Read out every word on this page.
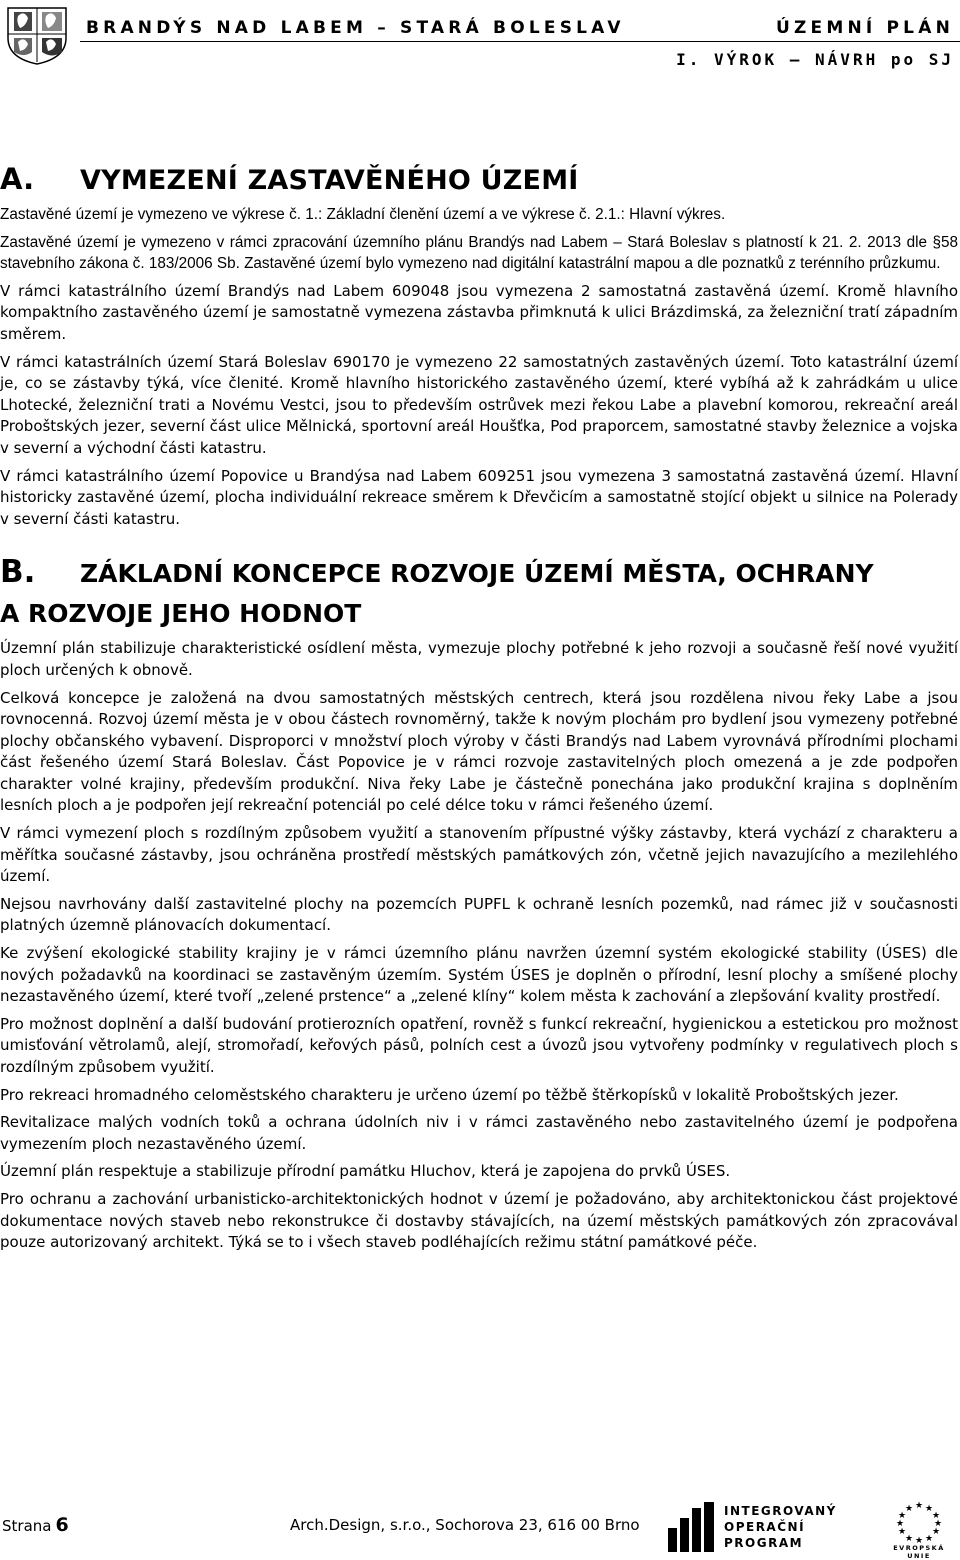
BRANDÝS NAD LABEM – STARÁ BOLESLAV	ÚZEMNÍ PLÁN
I. VÝROK – NÁVRH po SJ
A. VYMEZENÍ ZASTAVĚNÉHO ÚZEMÍ

Zastavěné území je vymezeno ve výkrese č. 1.: Základní členění území a ve výkrese č. 2.1.: Hlavní výkres.

Zastavěné území je vymezeno v rámci zpracování územního plánu Brandýs nad Labem – Stará Boleslav s platností k 21. 2. 2013 dle §58 stavebního zákona č. 183/2006 Sb. Zastavěné území bylo vymezeno nad digitální katastrální mapou a dle poznatků z terénního průzkumu.

V rámci katastrálního území Brandýs nad Labem 609048 jsou vymezena 2 samostatná zastavěná území. Kromě hlavního kompaktního zastavěného území je samostatně vymezena zástavba přimknutá k ulici Brázdimská, za železniční tratí západním směrem.

V rámci katastrálních území Stará Boleslav 690170 je vymezeno 22 samostatných zastavěných území. Toto katastrální území je, co se zástavby týká, více členité. Kromě hlavního historického zastavěného území, které vybíhá až k zahrádkám u ulice Lhotecké, železniční trati a Novému Vestci, jsou to především ostrůvek mezi řekou Labe a plavební komorou, rekreační areál Proboštských jezer, severní část ulice Mělnická, sportovní areál Houšťka, Pod praporcem, samostatné stavby železnice a vojska v severní a východní části katastru.

V rámci katastrálního území Popovice u Brandýsa nad Labem 609251 jsou vymezena 3 samostatná zastavěná území. Hlavní historicky zastavěné území, plocha individuální rekreace směrem k Dřevčicím a samostatně stojící objekt u silnice na Polerady v severní části katastru.

B. ZÁKLADNÍ KONCEPCE ROZVOJE ÚZEMÍ MĚSTA, OCHRANY
A ROZVOJE JEHO HODNOT

Územní plán stabilizuje charakteristické osídlení města, vymezuje plochy potřebné k jeho rozvoji a současně řeší nové využití ploch určených k obnově.

Celková koncepce je založená na dvou samostatných městských centrech, která jsou rozdělena nivou řeky Labe a jsou rovnocenná. Rozvoj území města je v obou částech rovnoměrný, takže k novým plochám pro bydlení jsou vymezeny potřebné plochy občanského vybavení. Disproporci v množství ploch výroby v části Brandýs nad Labem vyrovnává přírodními plochami část řešeného území Stará Boleslav. Část Popovice je v rámci rozvoje zastavitelných ploch omezená a je zde podpořen charakter volné krajiny, především produkční. Niva řeky Labe je částečně ponechána jako produkční krajina s doplněním lesních ploch a je podpořen její rekreační potenciál po celé délce toku v rámci řešeného území.

V rámci vymezení ploch s rozdílným způsobem využití a stanovením přípustné výšky zástavby, která vychází z charakteru a měřítka současné zástavby, jsou ochráněna prostředí městských památkových zón, včetně jejich navazujícího a mezilehlého území.

Nejsou navrhovány další zastavitelné plochy na pozemcích PUPFL k ochraně lesních pozemků, nad rámec již v současnosti platných územně plánovacích dokumentací.

Ke zvýšení ekologické stability krajiny je v rámci územního plánu navržen územní systém ekologické stability (ÚSES) dle nových požadavků na koordinaci se zastavěným územím. Systém ÚSES je doplněn o přírodní, lesní plochy a smíšené plochy nezastavěného území, které tvoří „zelené prstence“ a „zelené klíny“ kolem města k zachování a zlepšování kvality prostředí.

Pro možnost doplnění a další budování protierozních opatření, rovněž s funkcí rekreační, hygienickou a estetickou pro možnost umisťování větrolamů, alejí, stromořadí, keřových pásů, polních cest a úvozů jsou vytvořeny podmínky v regulativech ploch s rozdílným způsobem využití.

Pro rekreaci hromadného celoměstského charakteru je určeno území po těžbě štěrkopísků v lokalitě Proboštských jezer.

Revitalizace malých vodních toků a ochrana údolních niv i v rámci zastavěného nebo zastavitelného území je podpořena vymezením ploch nezastavěného území.

Územní plán respektuje a stabilizuje přírodní památku Hluchov, která je zapojena do prvků ÚSES.

Pro ochranu a zachování urbanisticko-architektonických hodnot v území je požadováno, aby architektonickou část projektové dokumentace nových staveb nebo rekonstrukce či dostavby stávajících, na území městských památkových zón zpracovával pouze autorizovaný architekt. Týká se to i všech staveb podléhajících režimu státní památkové péče.

Strana 6	Arch.Design, s.r.o., Sochorova 23, 616 00 Brno
INTEGROVANÝ
OPERAČNÍ
PROGRAM
★ ★
★
★
★
★
★
★
★
★
★
★
EVROPSKÁ UNIE
